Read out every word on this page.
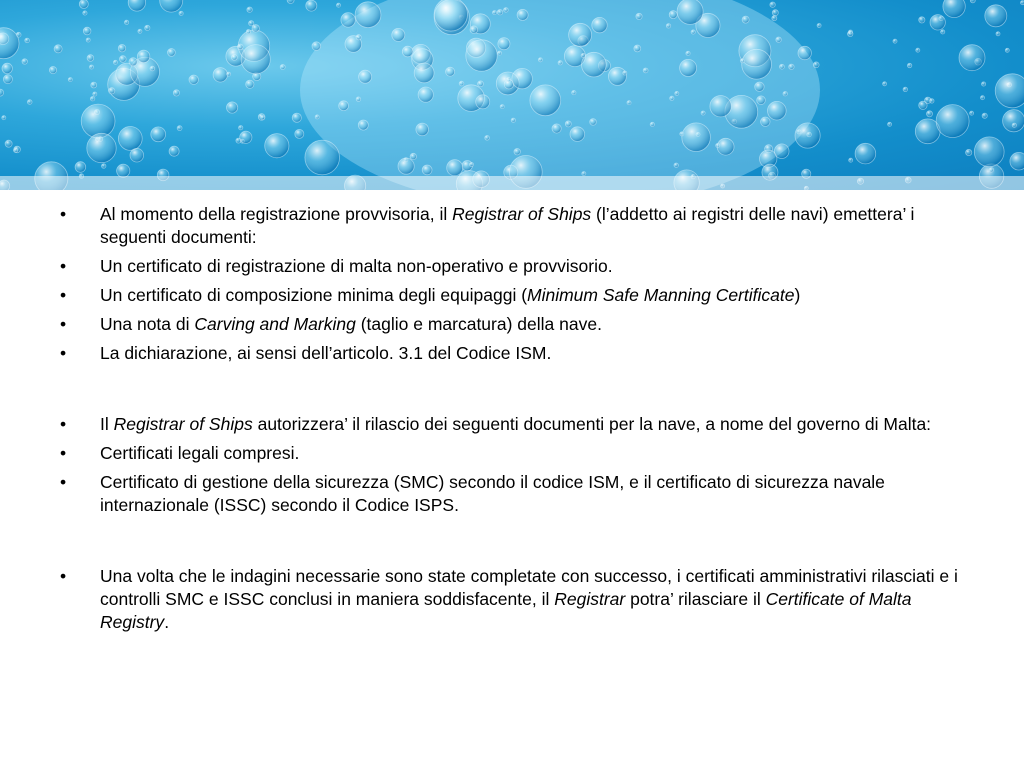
• Al momento della registrazione provvisoria, il Registrar of Ships (l’addetto ai registri delle navi) emettera’ i seguenti documenti:
• Un certificato di registrazione di malta non-operativo e provvisorio.
• Un certificato di composizione minima degli equipaggi (Minimum Safe Manning Certificate)
• Una nota di Carving and Marking (taglio e marcatura) della nave.
• La dichiarazione, ai sensi dell’articolo. 3.1 del Codice ISM.
• Il Registrar of Ships autorizzera’ il rilascio dei seguenti documenti per la nave, a nome del governo di Malta:
• Certificati legali compresi.
• Certificato di gestione della sicurezza (SMC) secondo il codice ISM, e il certificato di sicurezza navale internazionale (ISSC) secondo il Codice ISPS.
• Una volta che le indagini necessarie sono state completate con successo, i certificati amministrativi rilasciati e i controlli SMC e ISSC conclusi in maniera soddisfacente, il Registrar potra’ rilasciare il Certificate of Malta Registry.
